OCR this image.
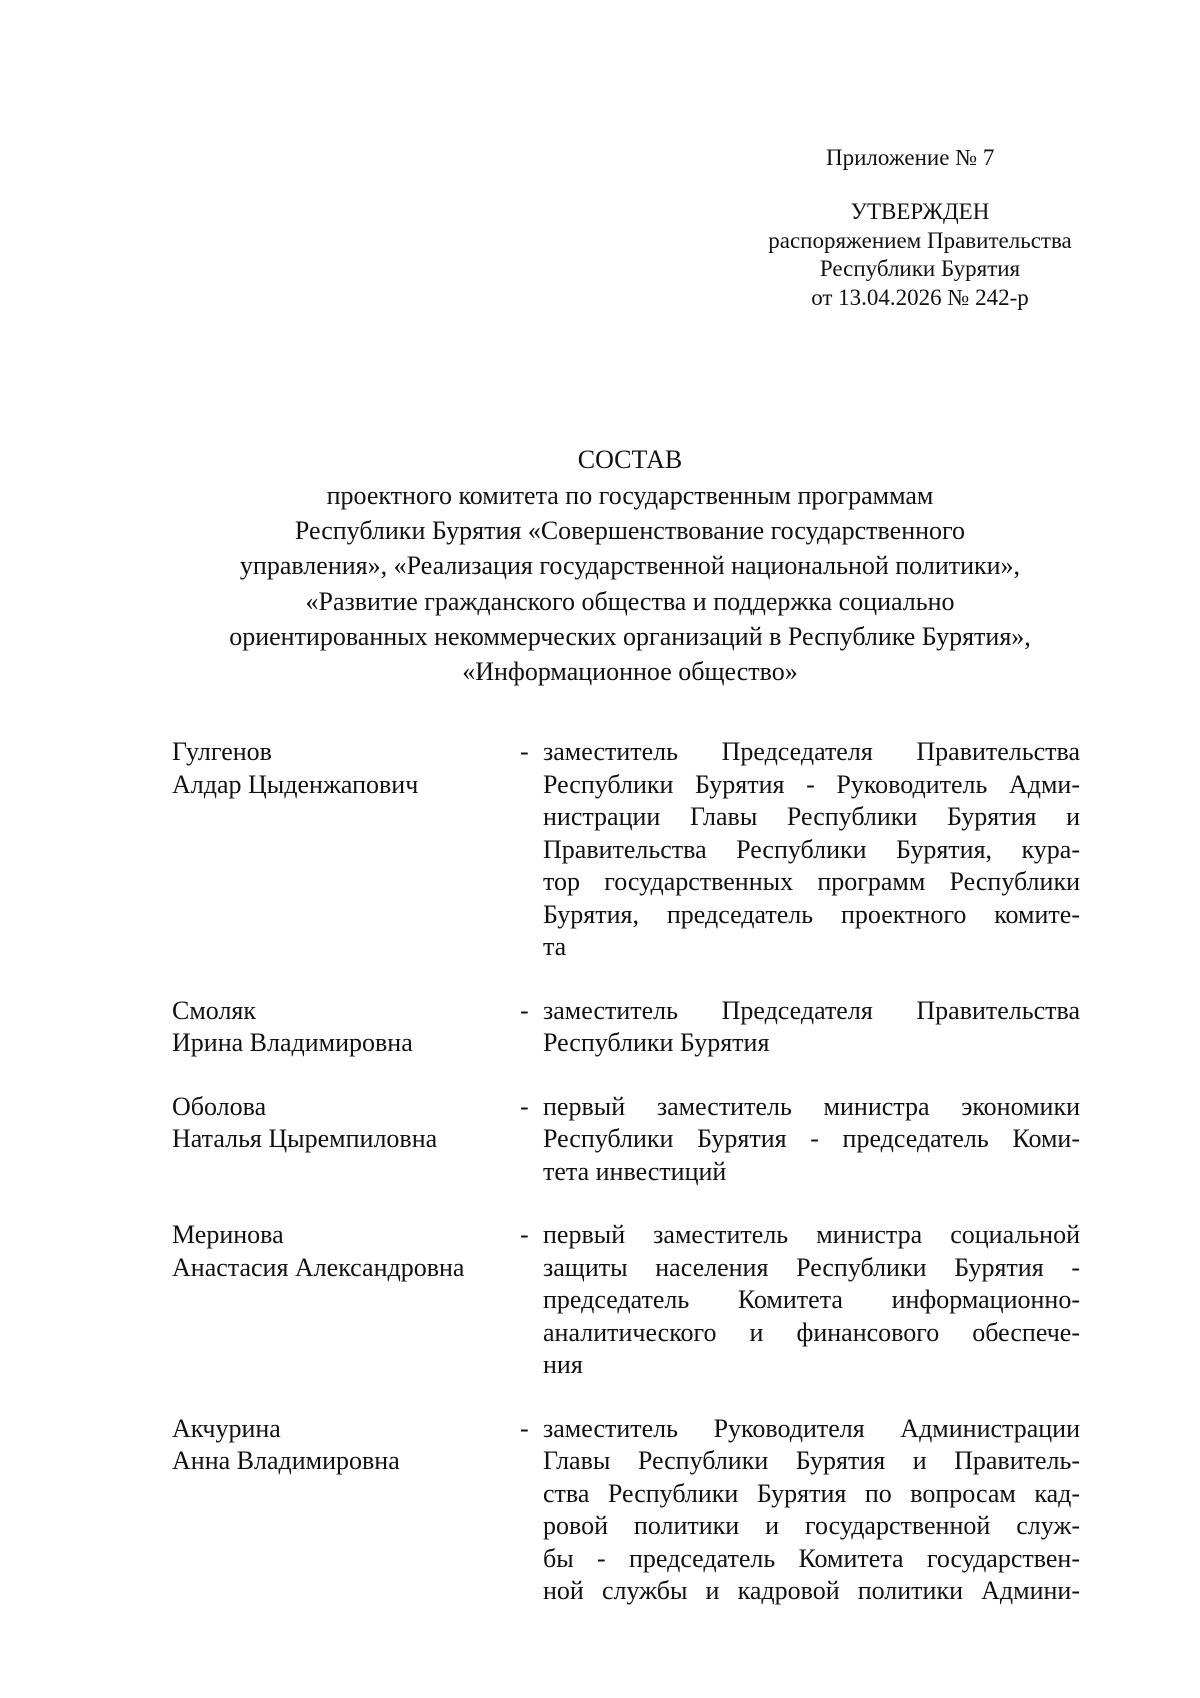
Приложение № 7
УТВЕРЖДЕН
распоряжением Правительства
Республики Бурятия
от 13.04.2026 № 242-р
СОСТАВ
проектного комитета по государственным программам
Республики Бурятия «Совершенствование государственного
управления», «Реализация государственной национальной политики»,
«Развитие гражданского общества и поддержка социально
ориентированных некоммерческих организаций в Республике Бурятия»,
«Информационное общество»
Гулгенов
Алдар Цыденжапович
- заместитель Председателя Правительства
Республики Бурятия - Руководитель Адми-
нистрации Главы Республики Бурятия и
Правительства Республики Бурятия, кура-
тор государственных программ Республики
Бурятия, председатель проектного комите-
та
Смоляк
Ирина Владимировна
- заместитель Председателя Правительства
Республики Бурятия
Оболова
Наталья Цыремпиловна
- первый заместитель министра экономики
Республики Бурятия - председатель Коми-
тета инвестиций
Меринова
Анастасия Александровна
- первый заместитель министра социальной
защиты населения Республики Бурятия -
председатель Комитета информационно-
аналитического и финансового обеспече-
ния
Акчурина
Анна Владимировна
- заместитель Руководителя Администрации
Главы Республики Бурятия и Правитель-
ства Республики Бурятия по вопросам кад-
ровой политики и государственной служ-
бы - председатель Комитета государствен-
ной службы и кадровой политики Админи-
